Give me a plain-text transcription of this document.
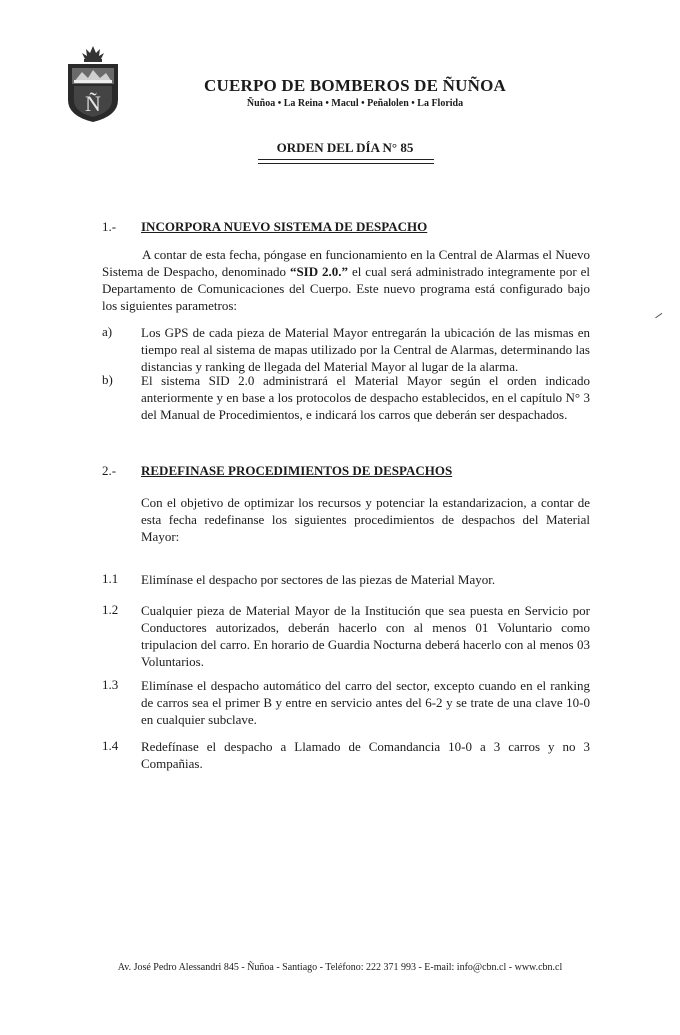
Ñ
CUERPO DE BOMBEROS DE ÑUÑOA
Ñuñoa • La Reina • Macul • Peñalolen • La Florida
ORDEN DEL DÍA N° 85
1.- INCORPORA NUEVO SISTEMA DE DESPACHO
A contar de esta fecha, póngase en funcionamiento en la Central de Alarmas el Nuevo Sistema de Despacho, denominado “SID 2.0.” el cual será administrado integramente por el Departamento de Comunicaciones del Cuerpo. Este nuevo programa está configurado bajo los siguientes parametros:
a) Los GPS de cada pieza de Material Mayor entregarán la ubicación de las mismas en tiempo real al sistema de mapas utilizado por la Central de Alarmas, determinando las distancias y ranking de llegada del Material Mayor al lugar de la alarma.
b) El sistema SID 2.0 administrará el Material Mayor según el orden indicado anteriormente y en base a los protocolos de despacho establecidos, en el capítulo N° 3 del Manual de Procedimientos, e indicará los carros que deberán ser despachados.
2.- REDEFINASE PROCEDIMIENTOS DE DESPACHOS
Con el objetivo de optimizar los recursos y potenciar la estandarizacion, a contar de esta fecha redefinanse los siguientes procedimientos de despachos del Material Mayor:
1.1 Elimínase el despacho por sectores de las piezas de Material Mayor.
1.2 Cualquier pieza de Material Mayor de la Institución que sea puesta en Servicio por Conductores autorizados, deberán hacerlo con al menos 01 Voluntario como tripulacion del carro. En horario de Guardia Nocturna deberá hacerlo con al menos 03 Voluntarios.
1.3 Elimínase el despacho automático del carro del sector, excepto cuando en el ranking de carros sea el primer B y entre en servicio antes del 6-2 y se trate de una clave 10-0 en cualquier subclave.
1.4 Redefínase el despacho a Llamado de Comandancia 10-0 a 3 carros y no 3 Compañias.
Av. José Pedro Alessandri 845 - Ñuñoa - Santiago - Teléfono: 222 371 993 - E-mail: info@cbn.cl - www.cbn.cl
